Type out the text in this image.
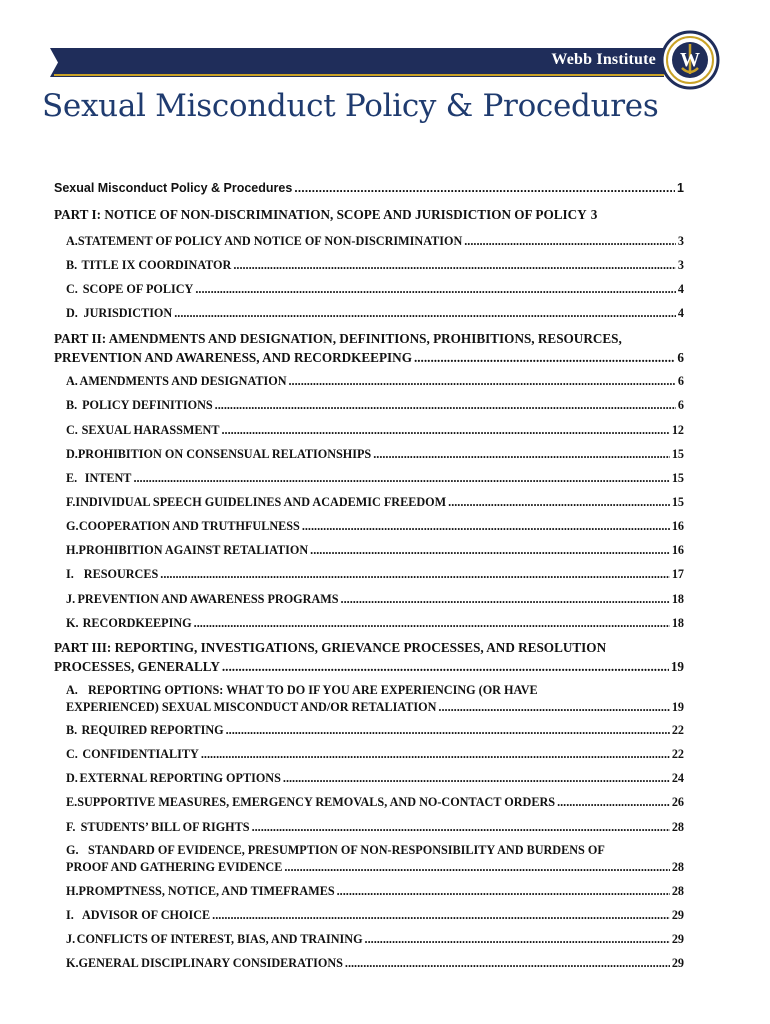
Webb Institute W
Sexual Misconduct Policy & Procedures
Sexual Misconduct Policy & Procedures .....	1
PART I: NOTICE OF NON-DISCRIMINATION, SCOPE AND JURISDICTION OF POLICY 3
A. STATEMENT OF POLICY AND NOTICE OF NON-DISCRIMINATION .....	3
B. TITLE IX COORDINATOR .....	3
C. SCOPE OF POLICY .....	4
D. JURISDICTION .....	4
PART II: AMENDMENTS AND DESIGNATION, DEFINITIONS, PROHIBITIONS, RESOURCES,
PREVENTION AND AWARENESS, AND RECORDKEEPING .....	6
A. AMENDMENTS AND DESIGNATION .....	6
B. POLICY DEFINITIONS .....	6
C. SEXUAL HARASSMENT .....	12
D. PROHIBITION ON CONSENSUAL RELATIONSHIPS .....	15
E. INTENT .....	15
F. INDIVIDUAL SPEECH GUIDELINES AND ACADEMIC FREEDOM .....	15
G. COOPERATION AND TRUTHFULNESS .....	16
H. PROHIBITION AGAINST RETALIATION .....	16
I. RESOURCES .....	17
J. PREVENTION AND AWARENESS PROGRAMS .....	18
K. RECORDKEEPING .....	18
PART III: REPORTING, INVESTIGATIONS, GRIEVANCE PROCESSES, AND RESOLUTION
PROCESSES, GENERALLY .....	19
A. REPORTING OPTIONS: WHAT TO DO IF YOU ARE EXPERIENCING (OR HAVE
EXPERIENCED) SEXUAL MISCONDUCT AND/OR RETALIATION .....	19
B. REQUIRED REPORTING .....	22
C. CONFIDENTIALITY .....	22
D. EXTERNAL REPORTING OPTIONS .....	24
E. SUPPORTIVE MEASURES, EMERGENCY REMOVALS, AND NO-CONTACT ORDERS .....	26
F. STUDENTS’ BILL OF RIGHTS .....	28
G. STANDARD OF EVIDENCE, PRESUMPTION OF NON-RESPONSIBILITY AND BURDENS OF
PROOF AND GATHERING EVIDENCE .....	28
H. PROMPTNESS, NOTICE, AND TIMEFRAMES .....	28
I. ADVISOR OF CHOICE .....	29
J. CONFLICTS OF INTEREST, BIAS, AND TRAINING .....	29
K. GENERAL DISCIPLINARY CONSIDERATIONS .....	29
